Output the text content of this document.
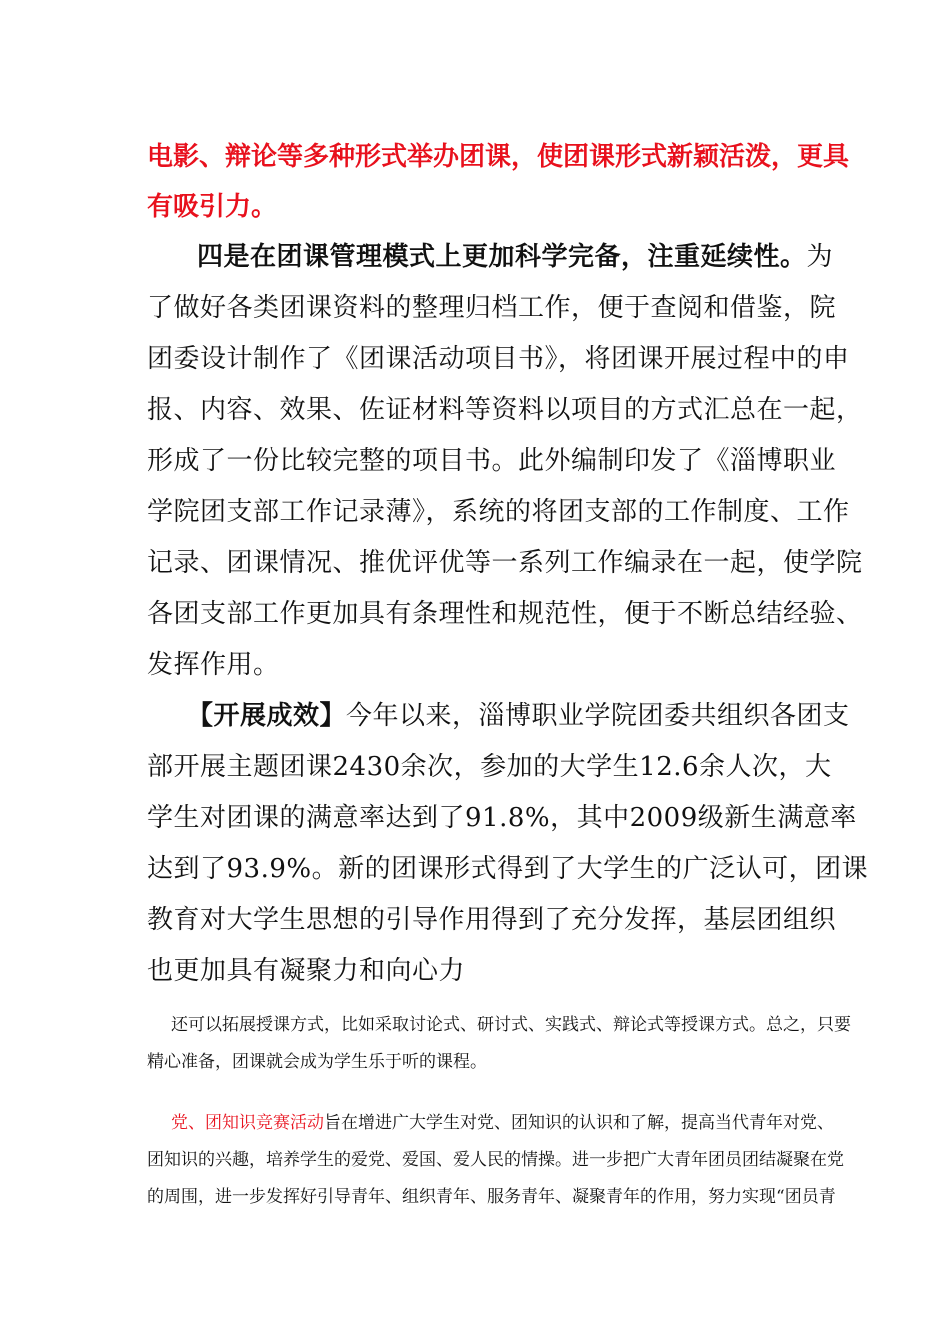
电影、辩论等多种形式举办团课，使团课形式新颖活泼，更具

有吸引力。

四是在团课管理模式上更加科学完备，注重延续性。为

了做好各类团课资料的整理归档工作，便于查阅和借鉴，院

团委设计制作了《团课活动项目书》，将团课开展过程中的申

报、内容、效果、佐证材料等资料以项目的方式汇总在一起，

形成了一份比较完整的项目书。此外编制印发了《淄博职业

学院团支部工作记录薄》，系统的将团支部的工作制度、工作

记录、团课情况、推优评优等一系列工作编录在一起，使学院

各团支部工作更加具有条理性和规范性，便于不断总结经验、

发挥作用。

【开展成效】今年以来，淄博职业学院团委共组织各团支

部开展主题团课2430余次，参加的大学生12.6余人次，大

学生对团课的满意率达到了91.8%，其中2009级新生满意率

达到了93.9%。新的团课形式得到了大学生的广泛认可，团课

教育对大学生思想的引导作用得到了充分发挥，基层团组织

也更加具有凝聚力和向心力

还可以拓展授课方式，比如采取讨论式、研讨式、实践式、辩论式等授课方式。总之，只要

精心准备，团课就会成为学生乐于听的课程。

党、团知识竞赛活动旨在增进广大学生对党、团知识的认识和了解，提高当代青年对党、

团知识的兴趣，培养学生的爱党、爱国、爱人民的情操。进一步把广大青年团员团结凝聚在党

的周围，进一步发挥好引导青年、组织青年、服务青年、凝聚青年的作用，努力实现“团员青
